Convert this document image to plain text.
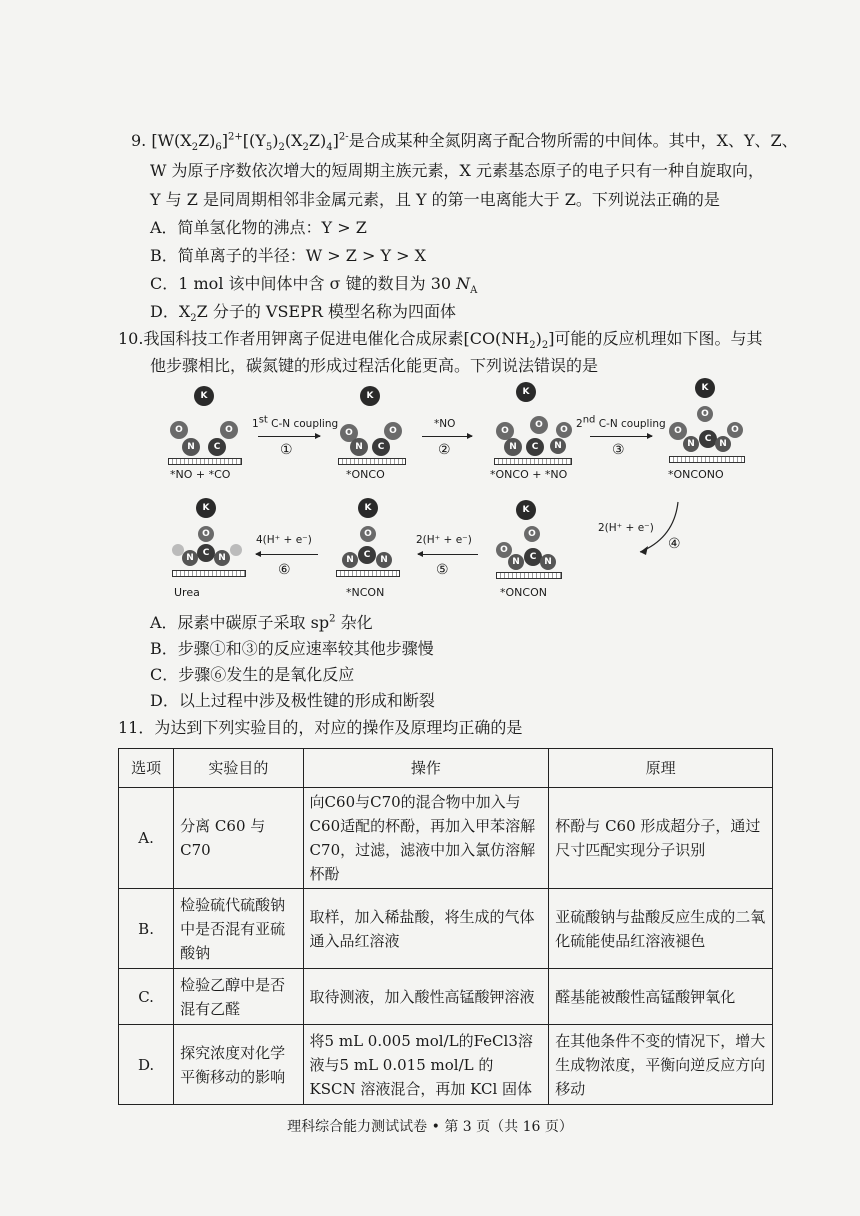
9. $[W(X_2Z)_6]^{2+}[(Y_5)_2(X_2Z)_4]^{2-}$是合成某种全氮阴离子配合物所需的中间体。其中，X、Y、Z、
W 为原子序数依次增大的短周期主族元素，X 元素基态原子的电子只有一种自旋取向，
Y 与 Z 是同周期相邻非金属元素，且 Y 的第一电离能大于 Z。下列说法正确的是
A．简单氢化物的沸点：Y > Z
B．简单离子的半径：W > Z > Y > X
C．1 mol 该中间体中含 σ 键的数目为 30 $N_A$
D．$X_2Z$ 分子的 VSEPR 模型名称为四面体
10.我国科技工作者用钾离子促进电催化合成尿素$[CO(NH_2)_2]$可能的反应机理如下图。与其
他步骤相比，碳氮键的形成过程活化能更高。下列说法错误的是
K
O	O
N	C
*NO + *CO
1st C-N coupling
①
K
O	O
N	C
*ONCO
*NO
②
K
O
O	O
N	C	N
*ONCO + *NO
2nd C-N coupling
③
K
O
O
N	C N
O
*ONCONO
2(H⁺ + e⁻)
④
K
O
O
N	C N
*ONCON
2(H⁺ + e⁻)
⑤
K
O
N	C	N
*NCON
4(H⁺ + e⁻)
⑥
K
O
N C N
Urea
A．尿素中碳原子采取 $sp^2$ 杂化
B．步骤①和③的反应速率较其他步骤慢
C．步骤⑥发生的是氧化反应
D．以上过程中涉及极性键的形成和断裂
11．为达到下列实验目的，对应的操作及原理均正确的是
选项	实验目的	操作	原理
A.	分离 C60 与 C70	向C60与C70的混合物中加入与C60适配的杯酚，再加入甲苯溶解C70，过滤，滤液中加入氯仿溶解杯酚	杯酚与 C60 形成超分子，通过尺寸匹配实现分子识别
B.	检验硫代硫酸钠中是否混有亚硫酸钠	取样，加入稀盐酸，将生成的气体通入品红溶液	亚硫酸钠与盐酸反应生成的二氧化硫能使品红溶液褪色
C.	检验乙醇中是否混有乙醛	取待测液，加入酸性高锰酸钾溶液	醛基能被酸性高锰酸钾氧化
D.	探究浓度对化学平衡移动的影响	将5 mL 0.005 mol/L的FeCl3溶液与5 mL 0.015 mol/L 的 KSCN 溶液混合，再加 KCl 固体	在其他条件不变的情况下，增大生成物浓度，平衡向逆反应方向移动
理科综合能力测试试卷 • 第 3 页（共 16 页）
